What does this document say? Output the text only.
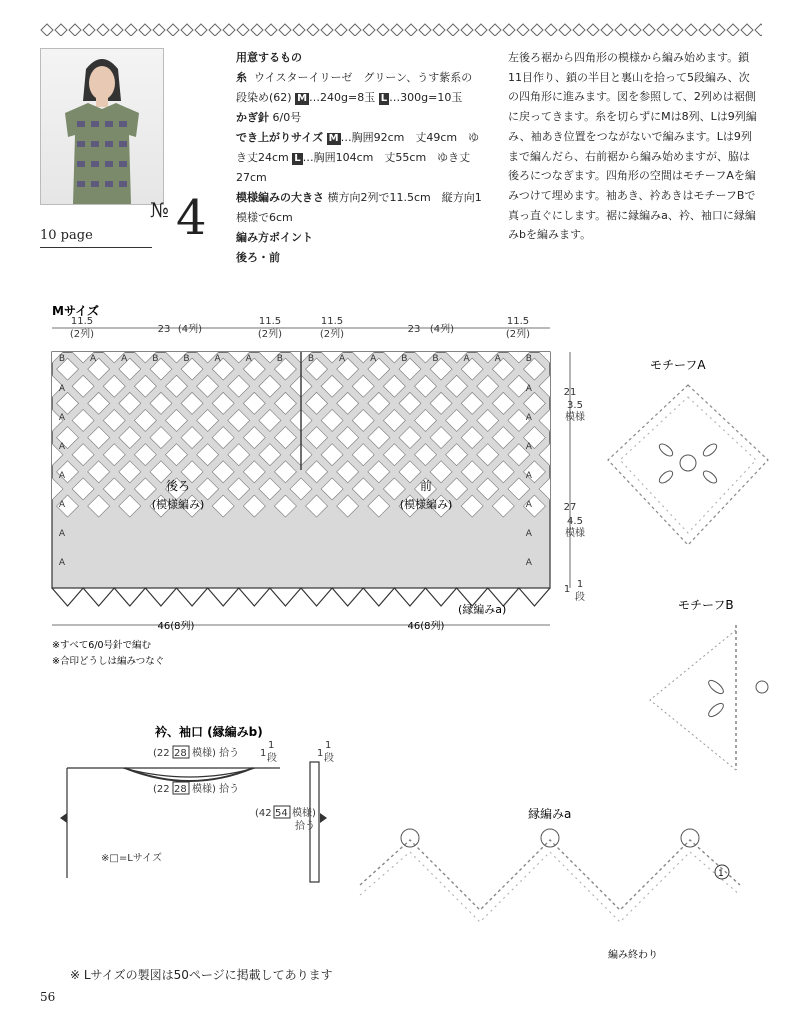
10 page
№ 4

用意するもの

糸 ウイスターイリーゼ　グリーン、うす紫系の段染め(62) M …240g=8玉 L …300g=10玉

かぎ針 6/0号

でき上がりサイズ M …胸囲92cm　丈49cm　ゆき丈24cm L …胸囲104cm　丈55cm　ゆき丈27cm

模様編みの大きさ 横方向2列で11.5cm　縦方向1模様で6cm

編み方ポイント

後ろ・前

左後ろ裾から四角形の模様から編み始めます。鎖11目作り、鎖の半目と裏山を拾って5段編み、次の四角形に進みます。図を参照して、2列めは裾側に戻ってきます。糸を切らずにMは8列、Lは9列編み、袖あき位置をつながないで編みます。Lは9列まで編んだら、右前裾から編み始めますが、脇は後ろにつなぎます。四角形の空間はモチーフAを編みつけて埋めます。袖あき、衿あきはモチーフBで真っ直ぐにします。裾に縁編みa、衿、袖口に縁編みbを編みます。

Mサイズ
11.5
(2列)	23 (4列)
11.5
(2列)
11.5
(2列)	23 (4列)
11.5
(2列)
B	A	A	B	B	A	A	B	B	A	A	B	B	A	A	B
A	A
A	A
A	A
A	A
A	A
A	A
A	A
後ろ
(模様編み)
前
(模様編み)
21
3.5
模様
27
4.5
模様
1 1
段
(縁編みa)
46(8列)	46(8列)
※すべて6/0号針で編む
※合印どうしは編みつなぐ
モチーフA
モチーフB
衿、袖口 (縁編みb)
(22 28 模様) 拾う
(22 28 模様) 拾う
(42 54 模様)
拾う
1
1
段	1
1
段
※□=Lサイズ
縁編みa
1
編み終わり
※ Lサイズの製図は50ページに掲載してあります
56
